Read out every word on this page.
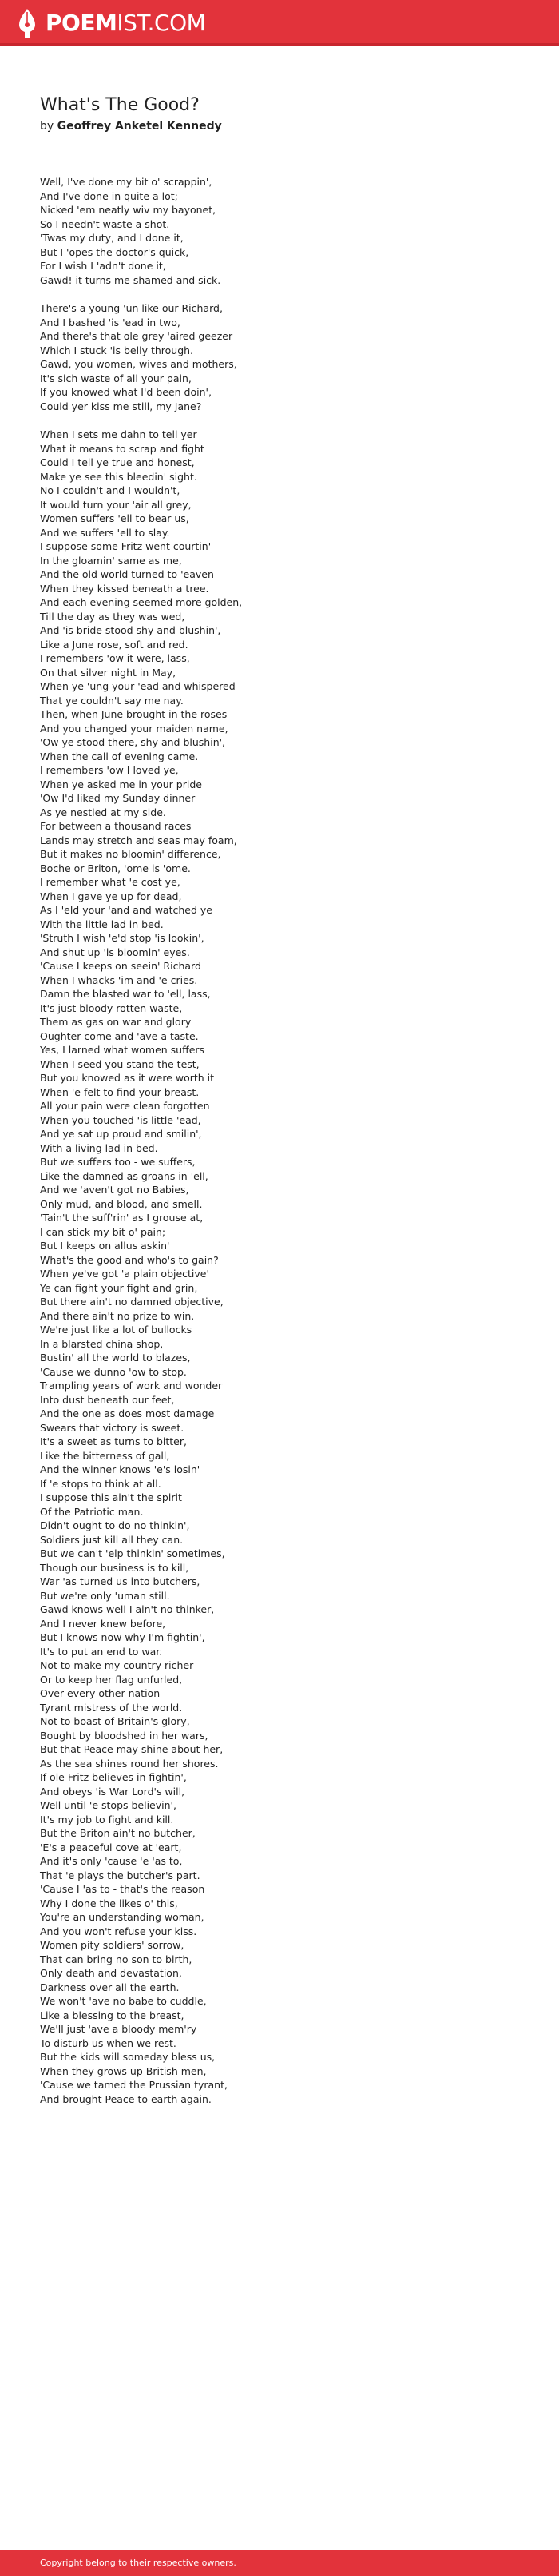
POEMIST.COM
What's The Good?
by Geoffrey Anketel Kennedy
Well, I've done my bit o' scrappin',
And I've done in quite a lot;
Nicked 'em neatly wiv my bayonet,
So I needn't waste a shot.
'Twas my duty, and I done it,
But I 'opes the doctor's quick,
For I wish I 'adn't done it,
Gawd! it turns me shamed and sick.
There's a young 'un like our Richard,
And I bashed 'is 'ead in two,
And there's that ole grey 'aired geezer
Which I stuck 'is belly through.
Gawd, you women, wives and mothers,
It's sich waste of all your pain,
If you knowed what I'd been doin',
Could yer kiss me still, my Jane?
When I sets me dahn to tell yer
What it means to scrap and fight
Could I tell ye true and honest,
Make ye see this bleedin' sight.
No I couldn't and I wouldn't,
It would turn your 'air all grey,
Women suffers 'ell to bear us,
And we suffers 'ell to slay.
I suppose some Fritz went courtin'
In the gloamin' same as me,
And the old world turned to 'eaven
When they kissed beneath a tree.
And each evening seemed more golden,
Till the day as they was wed,
And 'is bride stood shy and blushin',
Like a June rose, soft and red.
I remembers 'ow it were, lass,
On that silver night in May,
When ye 'ung your 'ead and whispered
That ye couldn't say me nay.
Then, when June brought in the roses
And you changed your maiden name,
'Ow ye stood there, shy and blushin',
When the call of evening came.
I remembers 'ow I loved ye,
When ye asked me in your pride
'Ow I'd liked my Sunday dinner
As ye nestled at my side.
For between a thousand races
Lands may stretch and seas may foam,
But it makes no bloomin' difference,
Boche or Briton, 'ome is 'ome.
I remember what 'e cost ye,
When I gave ye up for dead,
As I 'eld your 'and and watched ye
With the little lad in bed.
'Struth I wish 'e'd stop 'is lookin',
And shut up 'is bloomin' eyes.
'Cause I keeps on seein' Richard
When I whacks 'im and 'e cries.
Damn the blasted war to 'ell, lass,
It's just bloody rotten waste,
Them as gas on war and glory
Oughter come and 'ave a taste.
Yes, I larned what women suffers
When I seed you stand the test,
But you knowed as it were worth it
When 'e felt to find your breast.
All your pain were clean forgotten
When you touched 'is little 'ead,
And ye sat up proud and smilin',
With a living lad in bed.
But we suffers too - we suffers,
Like the damned as groans in 'ell,
And we 'aven't got no Babies,
Only mud, and blood, and smell.
'Tain't the suff'rin' as I grouse at,
I can stick my bit o' pain;
But I keeps on allus askin'
What's the good and who's to gain?
When ye've got 'a plain objective'
Ye can fight your fight and grin,
But there ain't no damned objective,
And there ain't no prize to win.
We're just like a lot of bullocks
In a blarsted china shop,
Bustin' all the world to blazes,
'Cause we dunno 'ow to stop.
Trampling years of work and wonder
Into dust beneath our feet,
And the one as does most damage
Swears that victory is sweet.
It's a sweet as turns to bitter,
Like the bitterness of gall,
And the winner knows 'e's losin'
If 'e stops to think at all.
I suppose this ain't the spirit
Of the Patriotic man.
Didn't ought to do no thinkin',
Soldiers just kill all they can.
But we can't 'elp thinkin' sometimes,
Though our business is to kill,
War 'as turned us into butchers,
But we're only 'uman still.
Gawd knows well I ain't no thinker,
And I never knew before,
But I knows now why I'm fightin',
It's to put an end to war.
Not to make my country richer
Or to keep her flag unfurled,
Over every other nation
Tyrant mistress of the world.
Not to boast of Britain's glory,
Bought by bloodshed in her wars,
But that Peace may shine about her,
As the sea shines round her shores.
If ole Fritz believes in fightin',
And obeys 'is War Lord's will,
Well until 'e stops believin',
It's my job to fight and kill.
But the Briton ain't no butcher,
'E's a peaceful cove at 'eart,
And it's only 'cause 'e 'as to,
That 'e plays the butcher's part.
'Cause I 'as to - that's the reason
Why I done the likes o' this,
You're an understanding woman,
And you won't refuse your kiss.
Women pity soldiers' sorrow,
That can bring no son to birth,
Only death and devastation,
Darkness over all the earth.
We won't 'ave no babe to cuddle,
Like a blessing to the breast,
We'll just 'ave a bloody mem'ry
To disturb us when we rest.
But the kids will someday bless us,
When they grows up British men,
'Cause we tamed the Prussian tyrant,
And brought Peace to earth again.
Copyright belong to their respective owners.
